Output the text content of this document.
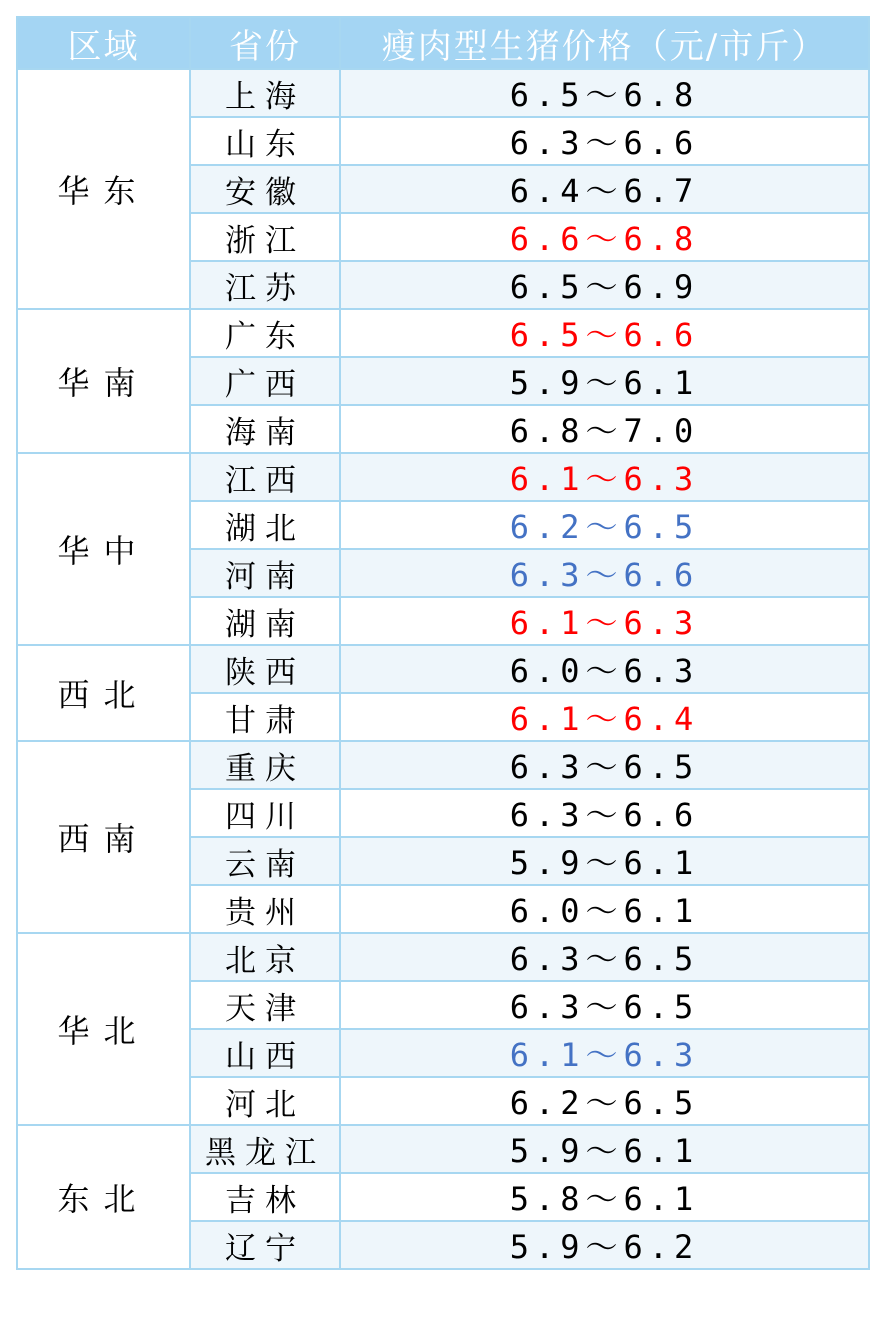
区域	省份	瘦肉型生猪价格（元/市斤）
华东	上海	6.5～6.8
	山东	6.3～6.6
	安徽	6.4～6.7
	浙江	6.6～6.8
	江苏	6.5～6.9
华南	广东	6.5～6.6
	广西	5.9～6.1
	海南	6.8～7.0
华中	江西	6.1～6.3
	湖北	6.2～6.5
	河南	6.3～6.6
	湖南	6.1～6.3
西北	陕西	6.0～6.3
	甘肃	6.1～6.4
西南	重庆	6.3～6.5
	四川	6.3～6.6
	云南	5.9～6.1
	贵州	6.0～6.1
华北	北京	6.3～6.5
	天津	6.3～6.5
	山西	6.1～6.3
	河北	6.2～6.5
东北	黑龙江	5.9～6.1
	吉林	5.8～6.1
	辽宁	5.9～6.2
